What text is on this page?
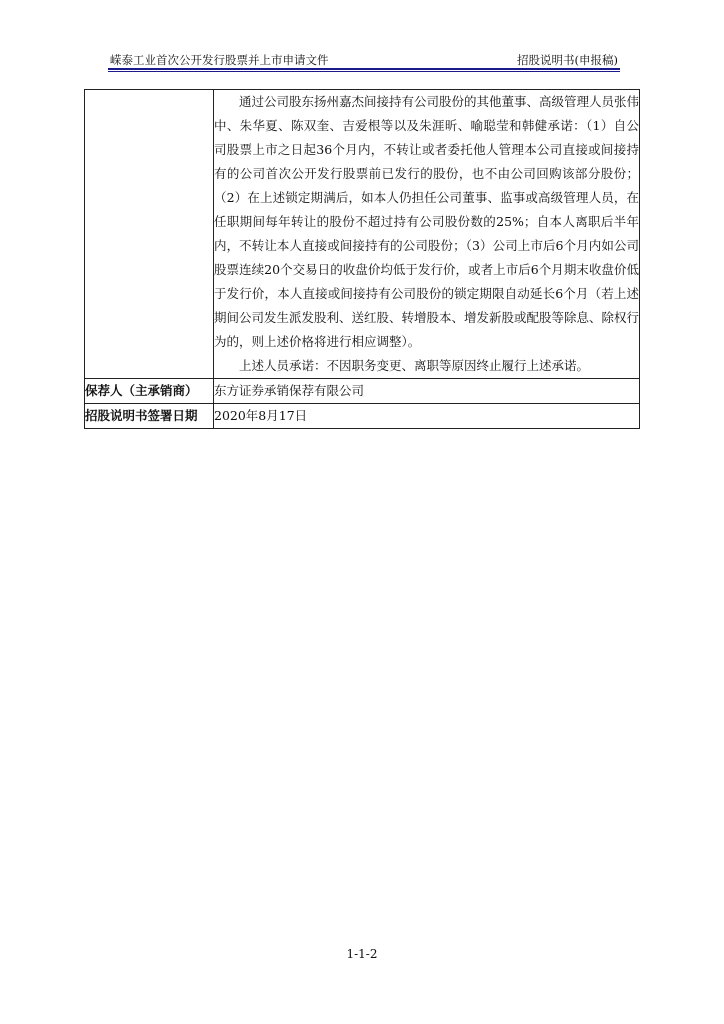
嵘泰工业首次公开发行股票并上市申请文件	招股说明书(申报稿)

	通过公司股东扬州嘉杰间接持有公司股份的其他董事、高级管理人员张伟中、朱华夏、陈双奎、吉爱根等以及朱涯昕、喻聪莹和韩健承诺：（1）自公司股票上市之日起36个月内，不转让或者委托他人管理本公司直接或间接持有的公司首次公开发行股票前已发行的股份，也不由公司回购该部分股份；（2）在上述锁定期满后，如本人仍担任公司董事、监事或高级管理人员，在任职期间每年转让的股份不超过持有公司股份数的25%；自本人离职后半年内，不转让本人直接或间接持有的公司股份；（3）公司上市后6个月内如公司股票连续20个交易日的收盘价均低于发行价，或者上市后6个月期末收盘价低于发行价，本人直接或间接持有公司股份的锁定期限自动延长6个月（若上述期间公司发生派发股利、送红股、转增股本、增发新股或配股等除息、除权行为的，则上述价格将进行相应调整）。

上述人员承诺：不因职务变更、离职等原因终止履行上述承诺。

保荐人（主承销商）	东方证券承销保荐有限公司
招股说明书签署日期	2020年8月17日
1-1-2
